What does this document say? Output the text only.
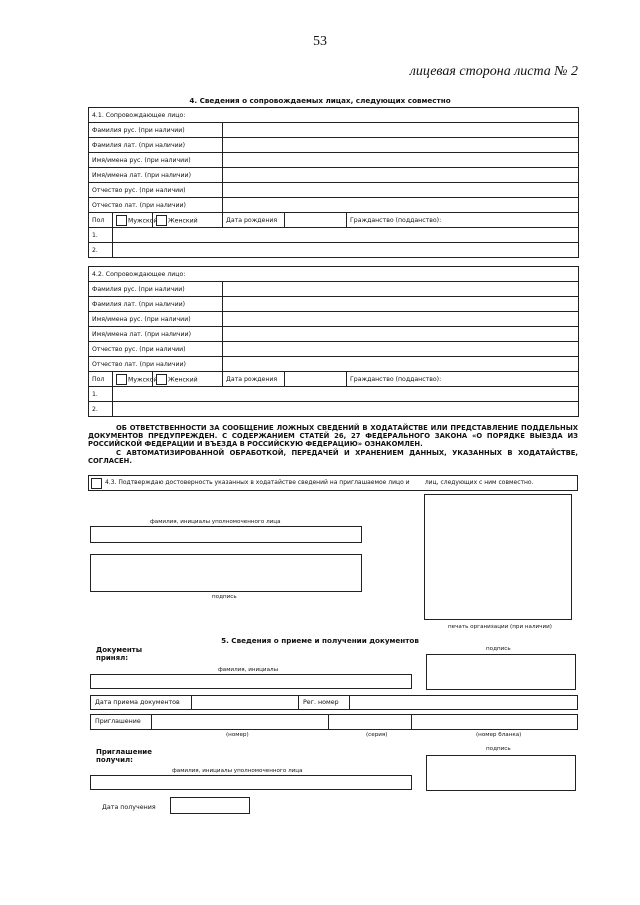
53
лицевая сторона листа № 2
4. Сведения о сопровождаемых лицах, следующих совместно
4.1. Сопровождающее лицо:					
Фамилия рус. (при наличии)					
Фамилия лат. (при наличии)					
Имя/имена рус. (при наличии)					
Имя/имена лат. (при наличии)					
Отчество рус. (при наличии)					
Отчество лат. (при наличии)					
Пол	Мужской	Женский	Дата рождения		Гражданство (подданство):
1.					
2.					
4.2. Сопровождающее лицо:					
Фамилия рус. (при наличии)					
Фамилия лат. (при наличии)					
Имя/имена рус. (при наличии)					
Имя/имена лат. (при наличии)					
Отчество рус. (при наличии)					
Отчество лат. (при наличии)					
Пол	Мужской	Женский	Дата рождения		Гражданство (подданство):
1.					
2.					
ОБ ОТВЕТСТВЕННОСТИ ЗА СООБЩЕНИЕ ЛОЖНЫХ СВЕДЕНИЙ В ХОДАТАЙСТВЕ ИЛИ ПРЕДСТАВЛЕНИЕ ПОДДЕЛЬНЫХ ДОКУМЕНТОВ ПРЕДУПРЕЖДЕН. С СОДЕРЖАНИЕМ СТАТЕЙ 26, 27 ФЕДЕРАЛЬНОГО ЗАКОНА «О ПОРЯДКЕ ВЫЕЗДА ИЗ РОССИЙСКОЙ ФЕДЕРАЦИИ И ВЪЕЗДА В РОССИЙСКУЮ ФЕДЕРАЦИЮ» ОЗНАКОМЛЕН.
С АВТОМАТИЗИРОВАННОЙ ОБРАБОТКОЙ, ПЕРЕДАЧЕЙ И ХРАНЕНИЕМ ДАННЫХ, УКАЗАННЫХ В ХОДАТАЙСТВЕ, СОГЛАСЕН.
4.3. Подтверждаю достоверность указанных в ходатайстве сведений на приглашаемое лицо и        лиц, следующих с ним совместно.
фамилия, инициалы уполномоченного лица
подпись
печать организации (при наличии)
5. Сведения о приеме и получении документов
Документы принял:
подпись
фамилия, инициалы
Дата приема документов	Рег. номер
Приглашение
(номер)	(серия)	(номер бланка)
Приглашение получил:
подпись
фамилия, инициалы уполномоченного лица
Дата получения
